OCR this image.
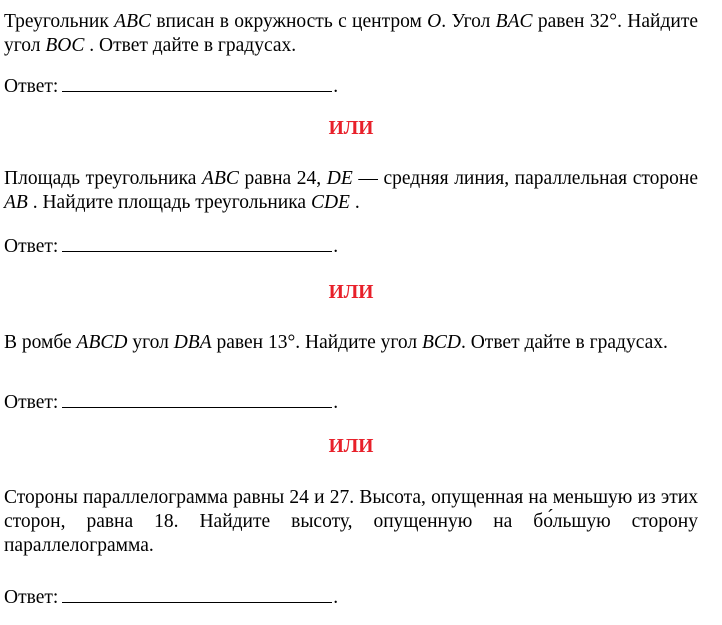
Треугольник ABC вписан в окружность с центром O. Угол BAC равен 32°. Найдите угол BOC . Ответ дайте в градусах.
Ответ:	.
ИЛИ
Площадь треугольника ABC равна 24, DE — средняя линия, параллельная стороне AB . Найдите площадь треугольника CDE .
Ответ:	.
ИЛИ
В ромбе ABCD угол DBA равен 13°. Найдите угол BCD. Ответ дайте в градусах.
Ответ:	.
ИЛИ
Стороны параллелограмма равны 24 и 27. Высота, опущенная на меньшую из этих сторон, равна 18. Найдите высоту, опущенную на бо́льшую сторону параллелограмма.
Ответ:	.
